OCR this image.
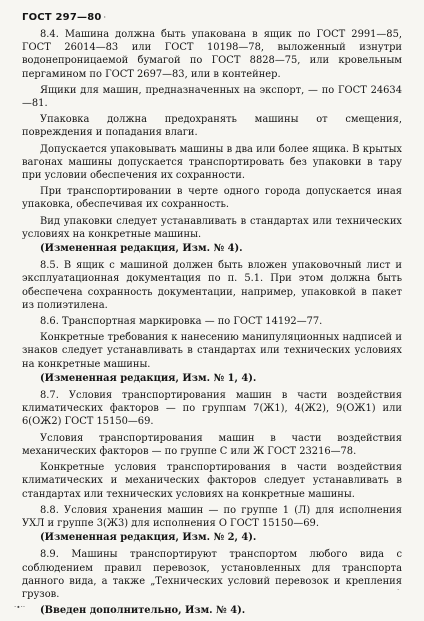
ГОСТ 297—80 ·

8.4. Машина должна быть упакована в ящик по ГОСТ 2991—85, ГОСТ 26014—83 или ГОСТ 10198—78, выложенный изнутри водонепроницаемой бумагой по ГОСТ 8828—75, или кровельным пергамином по ГОСТ 2697—83, или в контейнер.

Ящики для машин, предназначенных на экспорт, — по ГОСТ 24634—81.

Упаковка должна предохранять машины от смещения, повреждения и попадания влаги.

Допускается упаковывать машины в два или более ящика. В крытых вагонах машины допускается транспортировать без упаковки в тару при условии обеспечения их сохранности.

При транспортировании в черте одного города допускается иная упаковка, обеспечивая их сохранность.

Вид упаковки следует устанавливать в стандартах или технических условиях на конкретные машины.

(Измененная редакция, Изм. № 4).

8.5. В ящик с машиной должен быть вложен упаковочный лист и эксплуатационная документация по п. 5.1. При этом должна быть обеспечена сохранность документации, например, упаковкой в пакет из полиэтилена.

8.6. Транспортная маркировка — по ГОСТ 14192—77.

Конкретные требования к нанесению манипуляционных надписей и знаков следует устанавливать в стандартах или технических условиях на конкретные машины.

(Измененная редакция, Изм. № 1, 4).

8.7. Условия транспортирования машин в части воздействия климатических факторов — по группам 7(Ж1), 4(Ж2), 9(ОЖ1) или 6(ОЖ2) ГОСТ 15150—69.

Условия транспортирования машин в части воздействия механических факторов — по группе С или Ж ГОСТ 23216—78.

Конкретные условия транспортирования в части воздействия климатических и механических факторов следует устанавливать в стандартах или технических условиях на конкретные машины.

8.8. Условия хранения машин — по группе 1 (Л) для исполнения УХЛ и группе 3(Ж3) для исполнения О ГОСТ 15150—69.

(Измененная редакция, Изм. № 2, 4).

8.9. Машины транспортируют транспортом любого вида с соблюдением правил перевозок, установленных для транспорта данного вида, а также „Технических условий перевозок и крепления грузов.

(Введен дополнительно, Изм. № 4).

·
·∙··
